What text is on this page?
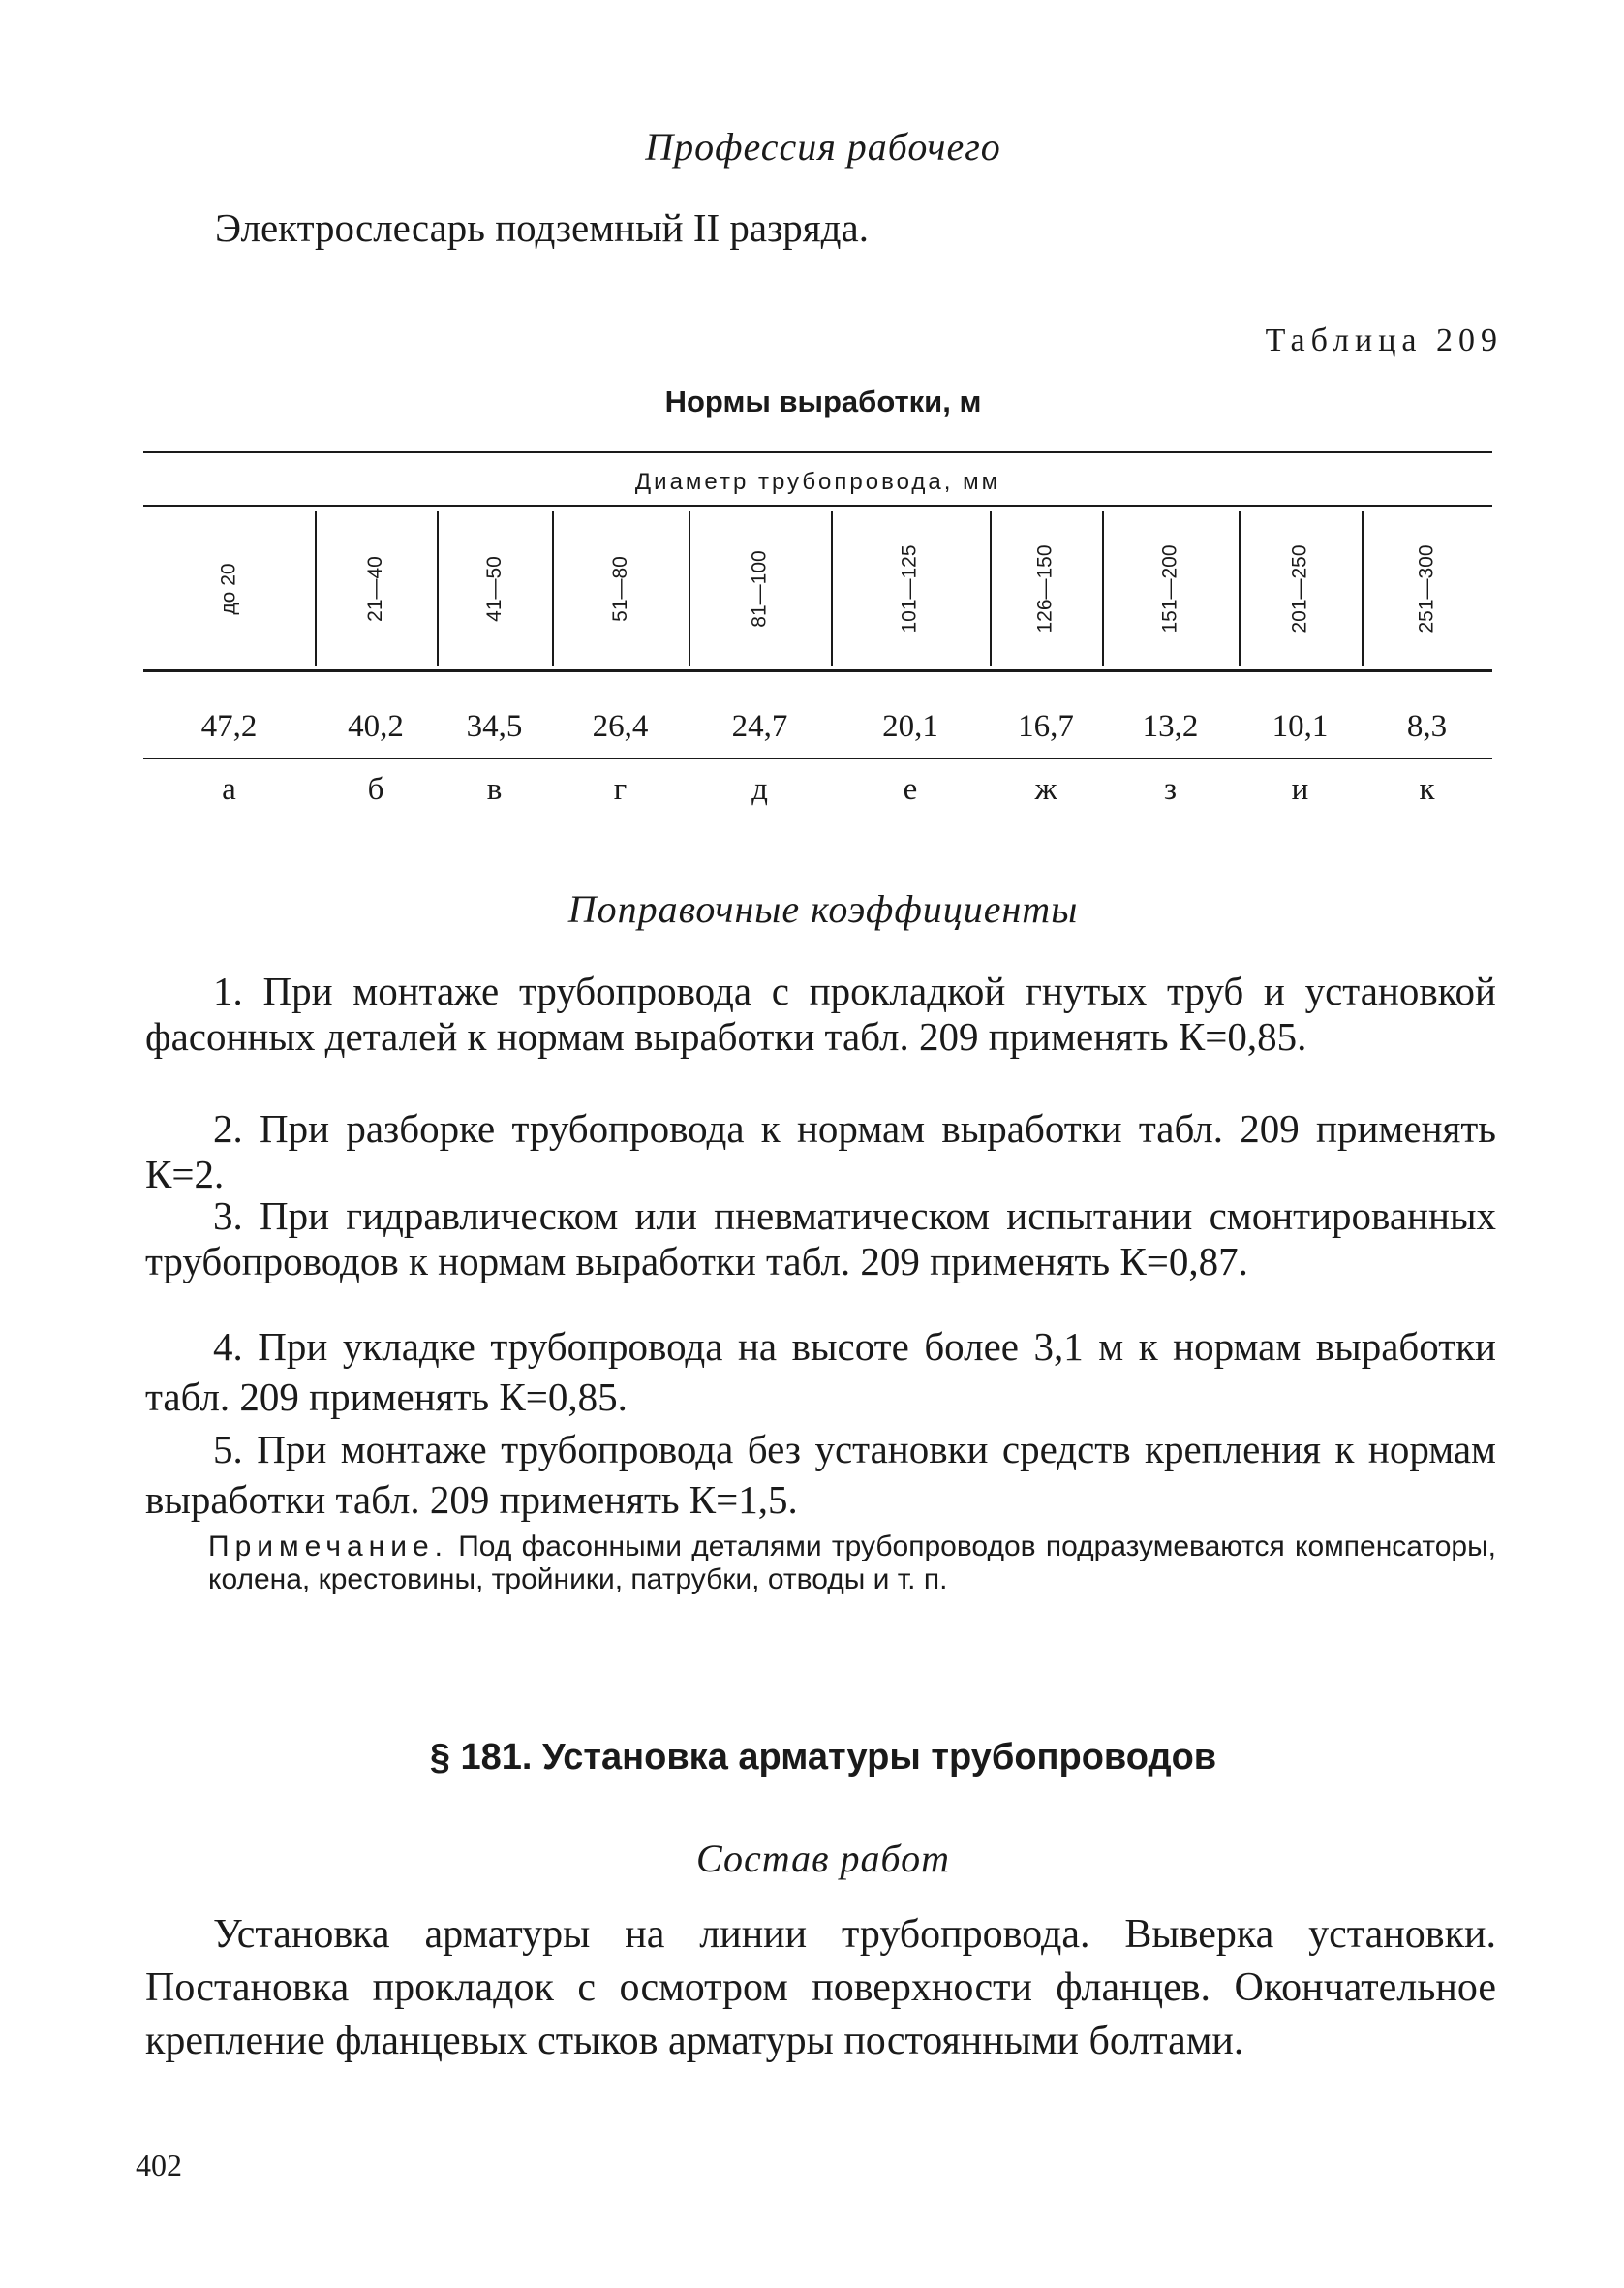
Профессия рабочего
Электрослесарь подземный II разряда.
Таблица 209
Нормы выработки, м
Диаметр трубопровода, мм
до 20	21—40	41—50	51—80	81—100	101—125	126—150	151—200	201—250	251—300
47,2	40,2	34,5	26,4	24,7	20,1	16,7	13,2	10,1	8,3
а	б	в	г	д	е	ж	з	и	к
Поправочные коэффициенты
1. При монтаже трубопровода с прокладкой гнутых труб и установкой фасонных деталей к нормам выработки табл. 209 применять К=0,85.
2. При разборке трубопровода к нормам выработки табл. 209 применять К=2.
3. При гидравлическом или пневматическом испытании смонтированных трубопроводов к нормам выработки табл. 209 применять К=0,87.
4. При укладке трубопровода на высоте более 3,1 м к нормам выработки табл. 209 применять К=0,85.
5. При монтаже трубопровода без установки средств крепления к нормам выработки табл. 209 применять К=1,5.
Примечание. Под фасонными деталями трубопроводов подразумеваются компенсаторы, колена, крестовины, тройники, патрубки, отводы и т. п.
§ 181. Установка арматуры трубопроводов
Состав работ
Установка арматуры на линии трубопровода. Выверка установки. Постановка прокладок с осмотром поверхности фланцев. Окончательное крепление фланцевых стыков арматуры постоянными болтами.
402
